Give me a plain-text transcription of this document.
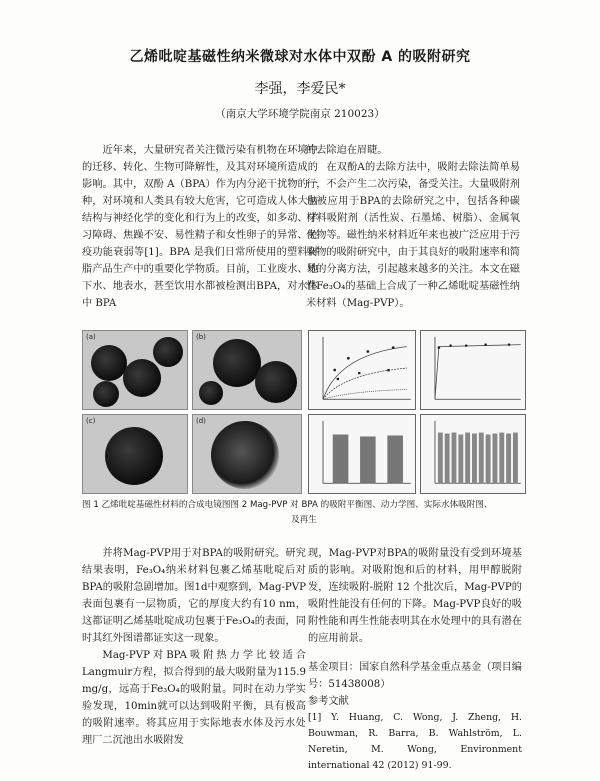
乙烯吡啶基磁性纳米微球对水体中双酚 A 的吸附研究
李强，李爱民*
（南京大学环境学院南京 210023）

近年来，大量研究者关注微污染有机物在环境中的迁移、转化、生物可降解性，及其对环境所造成的影响。其中，双酚 A（BPA）作为内分泌干扰物的一种，对环境和人类具有较大危害，它可造成人体大脑结构与神经化学的变化和行为上的改变，如多动、学习障碍、焦躁不安、易性精子和女性卵子的异常、免疫功能衰弱等[1]。BPA 是我们日常所使用的塑料树脂产品生产中的重要化学物质。目前，工业废水、地下水、地表水，甚至饮用水都被检测出BPA，对水体中 BPA

的去除迫在眉睫。

在双酚A的去除方法中，吸附去除法简单易行，不会产生二次污染，备受关注。大量吸附剂也被应用于BPA的去除研究之中，包括各种碳材料吸附剂（活性炭、石墨烯、树脂）、金属氧化物等。磁性纳米材料近年来也被广泛应用于污染物的吸附研究中，由于其良好的吸附速率和简易的分离方法，引起越来越多的关注。本文在磁性Fe₃O₄的基础上合成了一种乙烯吡啶基磁性纳米材料（Mag-PVP）。

(a)	(b)
(c)	(d)
图 1 乙烯吡啶基磁性材料的合成电镜图图 2 Mag-PVP 对 BPA 的吸附平衡图、动力学图、实际水体吸附图、
及再生

并将Mag-PVP用于对BPA的吸附研究。研究结果表明，Fe₃O₄纳米材料包裹乙烯基吡啶后对BPA的吸附急剧增加。图1d中观察到，Mag-PVP表面包裹有一层物质，它的厚度大约有10 nm，这都证明乙烯基吡啶成功包裹于Fe₃O₄的表面，同时其红外图谱都证实这一现象。

Mag-PVP对BPA吸附热力学比较适合Langmuir方程，拟合得到的最大吸附量为115.9 mg/g，远高于Fe₃O₄的吸附量。同时在动力学实验发现，10min就可以达到吸附平衡，具有极高的吸附速率。将其应用于实际地表水体及污水处理厂二沉池出水吸附发

现，Mag-PVP对BPA的吸附量没有受到环境基质的影响。对吸附饱和后的材料，用甲醇脱附发，连续吸附-脱附 12 个批次后，Mag-PVP的吸附性能没有任何的下降。Mag-PVP良好的吸附性能和再生性能表明其在水处理中的具有潜在的应用前景。

基金项目：国家自然科学基金重点基金（项目编号：51438008）

参考文献

[1] Y. Huang, C. Wong, J. Zheng, H. Bouwman, R. Barra, B. Wahlström, L. Neretin, M. Wong, Environment international 42 (2012) 91-99.
